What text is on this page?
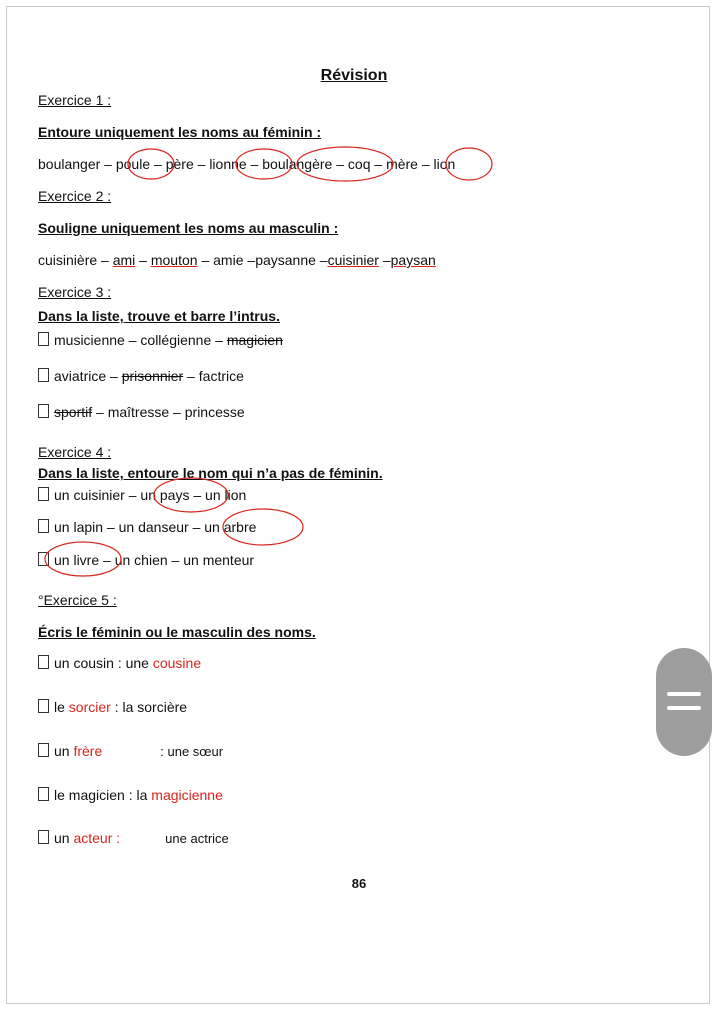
Révision
Exercice 1 :
Entoure uniquement les noms au féminin :
boulanger – poule – père – lionne – boulangère – coq – mère – lion
Exercice 2 :
Souligne uniquement les noms au masculin :
cuisinière – ami – mouton – amie –paysanne –cuisinier –paysan
Exercice 3 :
Dans la liste, trouve et barre l’intrus.
musicienne – collégienne – magicien
aviatrice – prisonnier – factrice
sportif – maîtresse – princesse
Exercice 4 :
Dans la liste, entoure le nom qui n’a pas de féminin.
un cuisinier – un pays – un lion
un lapin – un danseur – un arbre
un livre – un chien – un menteur
°Exercice 5 :
Écris le féminin ou le masculin des noms.
un cousin : une cousine
le sorcier : la sorcière
un frère	: une sœur
le magicien : la magicienne
un acteur :	une actrice
86
